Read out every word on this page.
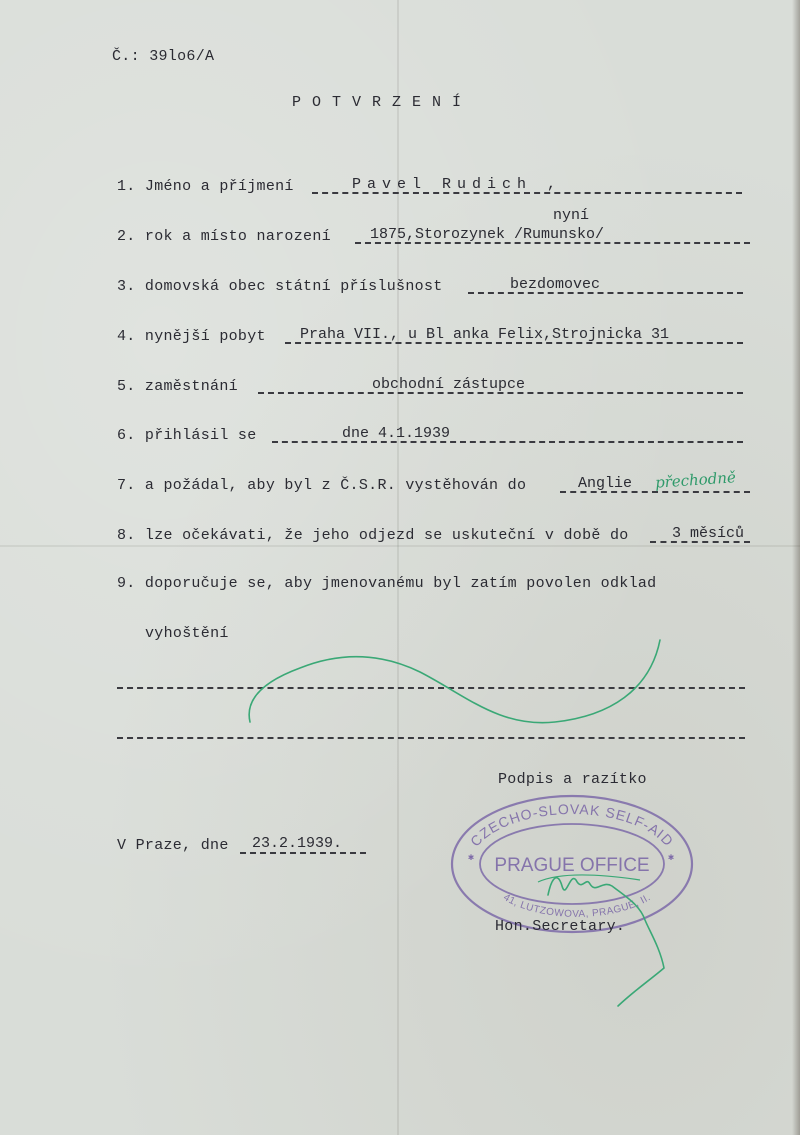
Č.: 39lo6/A
P O T V R Z E N Í
1. Jméno a příjmení	Pavel Rudich ,
2. rok a místo narození	1875,Storozynek /Rumunsko/
nyní
3. domovská obec státní příslušnost	bezdomovec
4. nynější pobyt Praha VII., u Bl anka Felix,Strojnicka 31
5. zaměstnání	obchodní zástupce
6. přihlásil se	dne 4.1.1939
7. a požádal, aby byl z Č.S.R. vystěhován do	Anglie přechodně
8. lze očekávati, že jeho odjezd se uskuteční v době do	3 měsíců
9. doporučuje se, aby jmenovanému byl zatím povolen odklad
vyhoštění
Podpis a razítko
V Praze, dne 23.2.1939.	CZECHO-SLOVAK SELF-AID
41, LUTZOWOVA, PRAGUE, II.
PRAGUE OFFICE
✱	✱
Hon.Secretary.
